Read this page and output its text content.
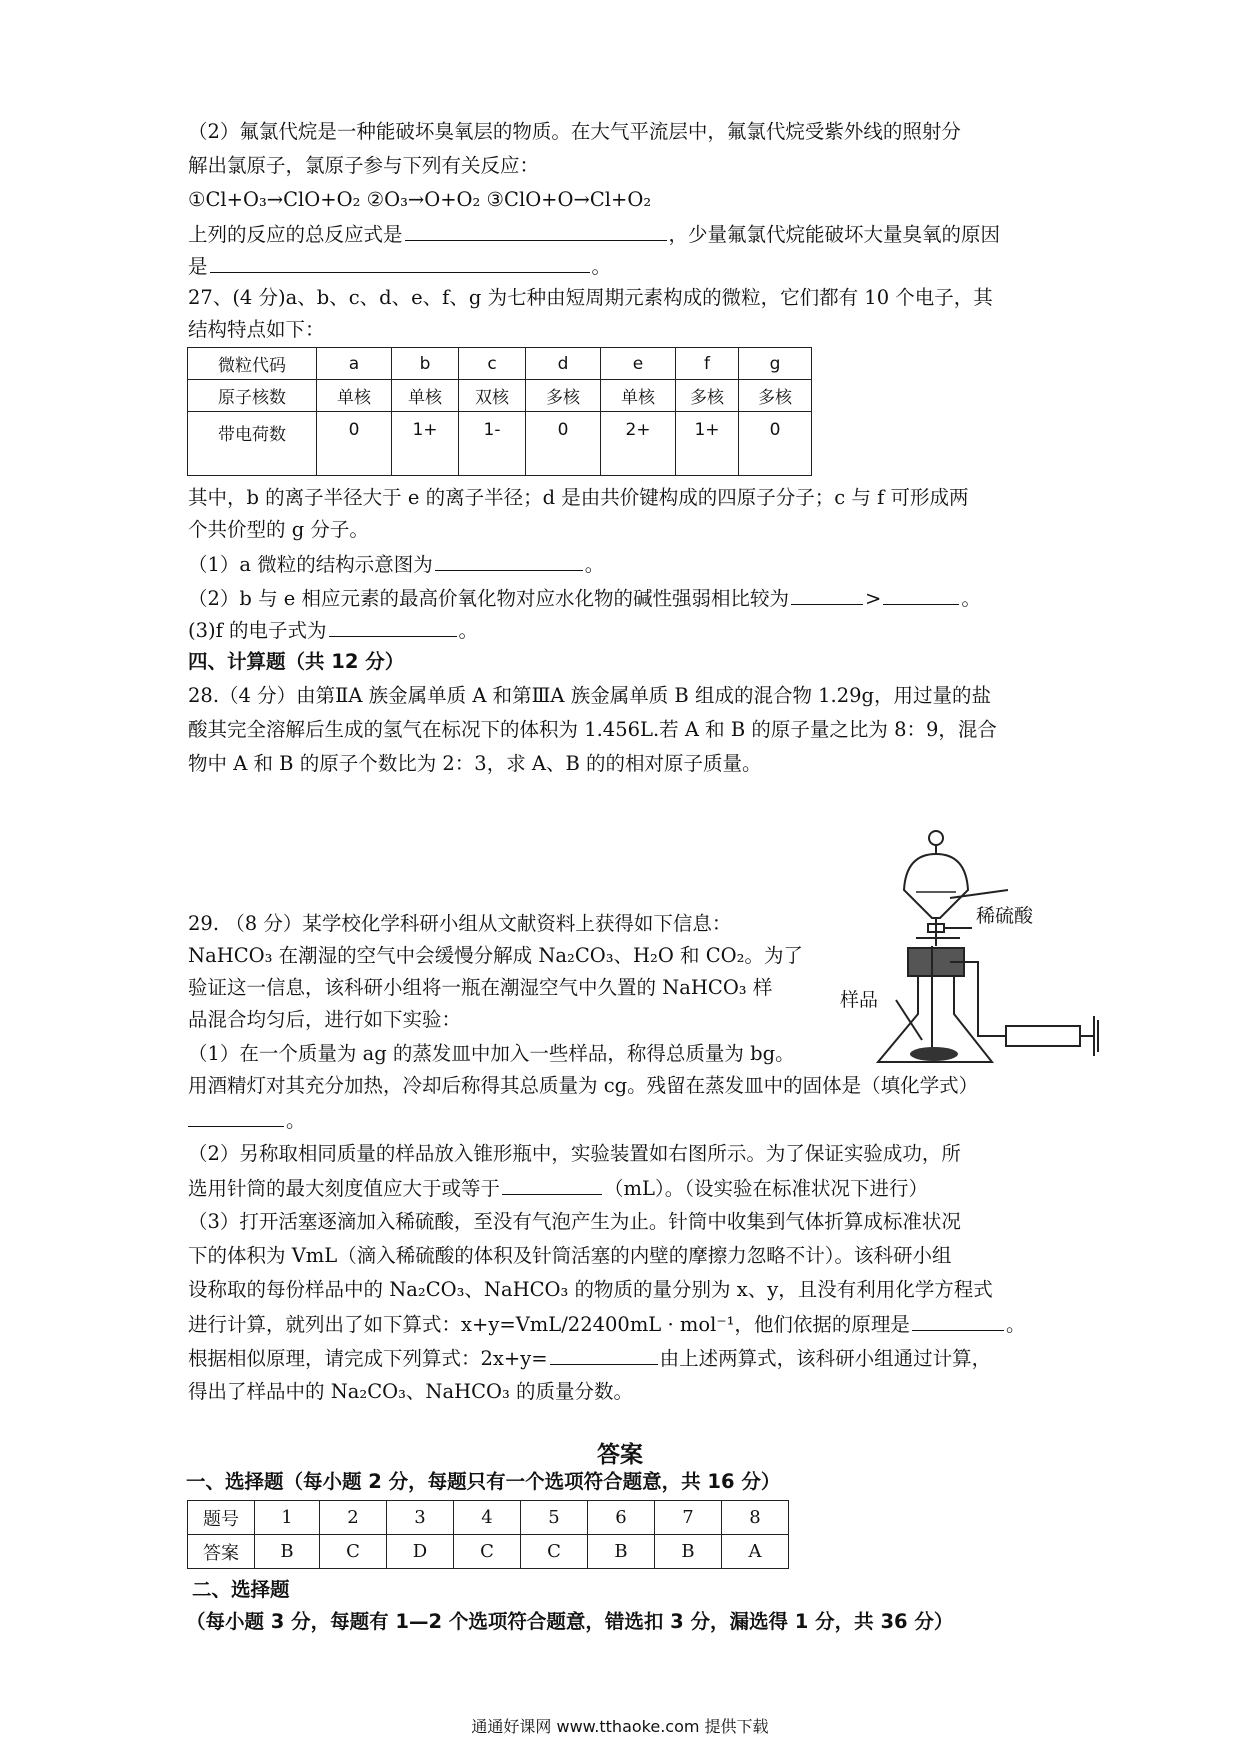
（2）氟氯代烷是一种能破坏臭氧层的物质。在大气平流层中，氟氯代烷受紫外线的照射分
解出氯原子，氯原子参与下列有关反应：
①Cl+O₃→ClO+O₂ ②O₃→O+O₂ ③ClO+O→Cl+O₂
上列的反应的总反应式是	，少量氟氯代烷能破坏大量臭氧的原因
是	。
27、(4 分)a、b、c、d、e、f、g 为七种由短周期元素构成的微粒，它们都有 10 个电子，其
结构特点如下：
微粒代码	a	b	c	d	e	f	g
原子核数	单核	单核	双核	多核	单核	多核	多核
带电荷数	0	1+	1-	0	2+	1+	0
其中，b 的离子半径大于 e 的离子半径；d 是由共价键构成的四原子分子；c 与 f 可形成两
个共价型的 g 分子。
（1）a 微粒的结构示意图为	。
（2）b 与 e 相应元素的最高价氧化物对应水化物的碱性强弱相比较为	>	。
(3)f 的电子式为	。
四、计算题（共 12 分）
28.（4 分）由第ⅡA 族金属单质 A 和第ⅢA 族金属单质 B 组成的混合物 1.29g，用过量的盐
酸其完全溶解后生成的氢气在标况下的体积为 1.456L.若 A 和 B 的原子量之比为 8：9，混合
物中 A 和 B 的原子个数比为 2：3，求 A、B 的的相对原子质量。
稀硫酸
样品
29. （8 分）某学校化学科研小组从文献资料上获得如下信息：
NaHCO₃ 在潮湿的空气中会缓慢分解成 Na₂CO₃、H₂O 和 CO₂。为了
验证这一信息，该科研小组将一瓶在潮湿空气中久置的 NaHCO₃ 样
品混合均匀后，进行如下实验：
（1）在一个质量为 ag 的蒸发皿中加入一些样品，称得总质量为 bg。
用酒精灯对其充分加热，冷却后称得其总质量为 cg。残留在蒸发皿中的固体是（填化学式）
。
（2）另称取相同质量的样品放入锥形瓶中，实验装置如右图所示。为了保证实验成功，所
选用针筒的最大刻度值应大于或等于	（mL）。（设实验在标准状况下进行）
（3）打开活塞逐滴加入稀硫酸，至没有气泡产生为止。针筒中收集到气体折算成标准状况
下的体积为 VmL（滴入稀硫酸的体积及针筒活塞的内壁的摩擦力忽略不计）。该科研小组
设称取的每份样品中的 Na₂CO₃、NaHCO₃ 的物质的量分别为 x、y，且没有利用化学方程式
进行计算，就列出了如下算式：x+y=VmL/22400mL · mol⁻¹，他们依据的原理是	。
根据相似原理，请完成下列算式：2x+y=	由上述两算式，该科研小组通过计算，
得出了样品中的 Na₂CO₃、NaHCO₃ 的质量分数。
答案
一、选择题（每小题 2 分，每题只有一个选项符合题意，共 16 分）
题号	1	2	3	4	5	6	7	8
答案	B	C	D	C	C	B	B	A
二、选择题
（每小题 3 分，每题有 1—2 个选项符合题意，错选扣 3 分，漏选得 1 分，共 36 分）
通通好课网 www.tthaoke.com 提供下载
